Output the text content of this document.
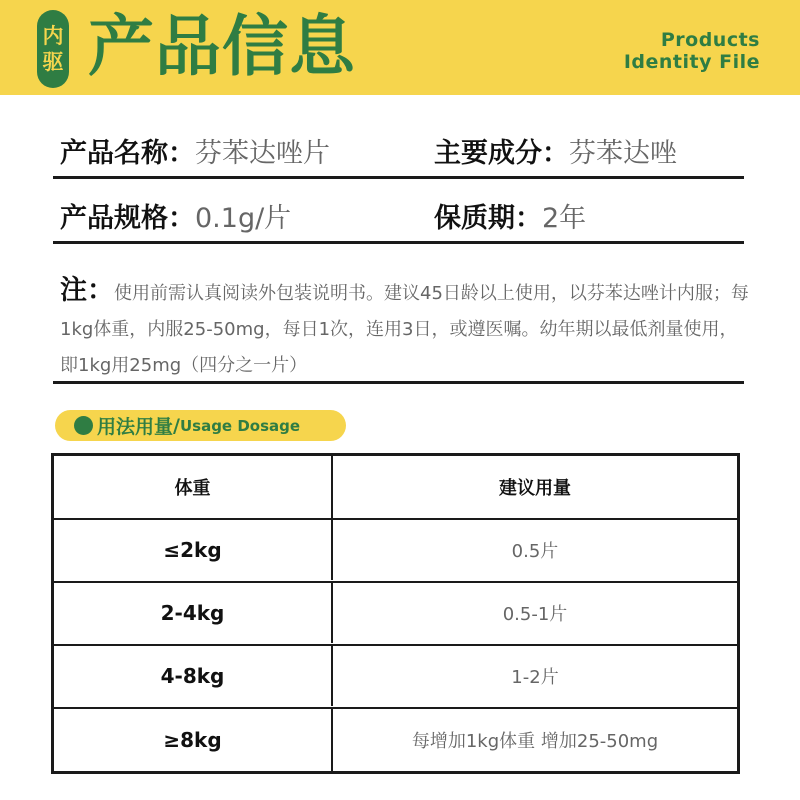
内
驱 产品信息	Products
Identity File
产品名称：芬苯达唑片	主要成分：芬苯达唑
产品规格：0.1g/片	保质期：2年
注：使用前需认真阅读外包装说明书。建议45日龄以上使用，以芬苯达唑计内服；每1kg体重，内服25-50mg，每日1次，连用3日，或遵医嘱。幼年期以最低剂量使用，即1kg用25mg（四分之一片）
用法用量 / Usage Dosage
体重	建议用量
≤2kg	0.5片
2-4kg	0.5-1片
4-8kg	1-2片
≥8kg	每增加1kg体重 增加25-50mg
